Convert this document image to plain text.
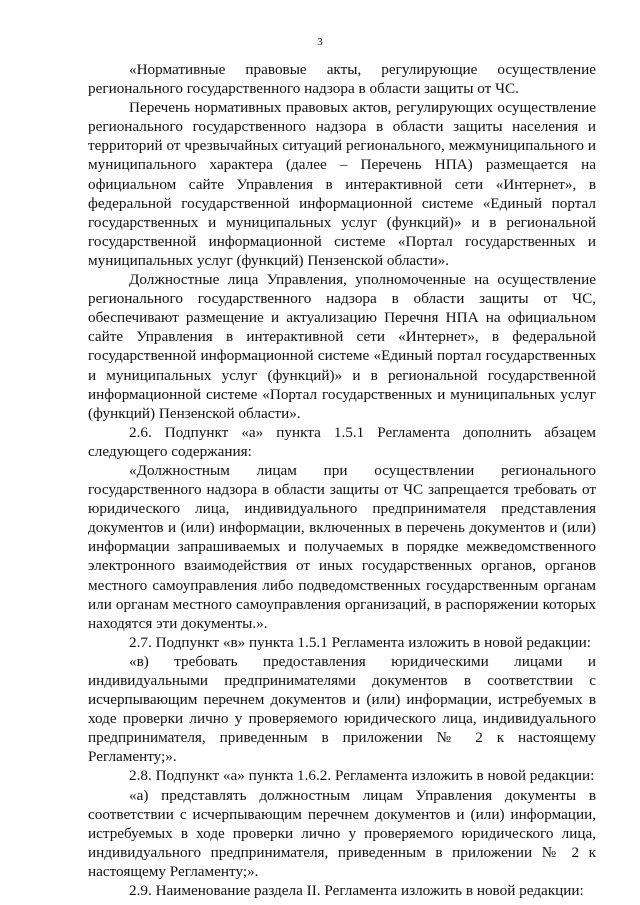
3

«Нормативные правовые акты, регулирующие осуществление регионального государственного надзора в области защиты от ЧС.

Перечень нормативных правовых актов, регулирующих осуществление регионального государственного надзора в области защиты населения и территорий от чрезвычайных ситуаций регионального, межмуниципального и муниципального характера (далее – Перечень НПА) размещается на официальном сайте Управления в интерактивной сети «Интернет», в федеральной государственной информационной системе «Единый портал государственных и муниципальных услуг (функций)» и в региональной государственной информационной системе «Портал государственных и муниципальных услуг (функций) Пензенской области».

Должностные лица Управления, уполномоченные на осуществление регионального государственного надзора в области защиты от ЧС, обеспечивают размещение и актуализацию Перечня НПА на официальном сайте Управления в интерактивной сети «Интернет», в федеральной государственной информационной системе «Единый портал государственных и муниципальных услуг (функций)» и в региональной государственной информационной системе «Портал государственных и муниципальных услуг (функций) Пензенской области».

2.6. Подпункт «а» пункта 1.5.1 Регламента дополнить абзацем следующего содержания:

«Должностным лицам при осуществлении регионального государственного надзора в области защиты от ЧС запрещается требовать от юридического лица, индивидуального предпринимателя представления документов и (или) информации, включенных в перечень документов и (или) информации запрашиваемых и получаемых в порядке межведомственного электронного взаимодействия от иных государственных органов, органов местного самоуправления либо подведомственных государственным органам или органам местного самоуправления организаций, в распоряжении которых находятся эти документы.».

2.7. Подпункт «в» пункта 1.5.1 Регламента изложить в новой редакции:

«в) требовать предоставления юридическими лицами и индивидуальными предпринимателями документов в соответствии с исчерпывающим перечнем документов и (или) информации, истребуемых в ходе проверки лично у проверяемого юридического лица, индивидуального предпринимателя, приведенным в приложении № 2 к настоящему Регламенту;».

2.8. Подпункт «а» пункта 1.6.2. Регламента изложить в новой редакции:

«а) представлять должностным лицам Управления документы в соответствии с исчерпывающим перечнем документов и (или) информации, истребуемых в ходе проверки лично у проверяемого юридического лица, индивидуального предпринимателя, приведенным в приложении № 2 к настоящему Регламенту;».

2.9. Наименование раздела II. Регламента изложить в новой редакции:
